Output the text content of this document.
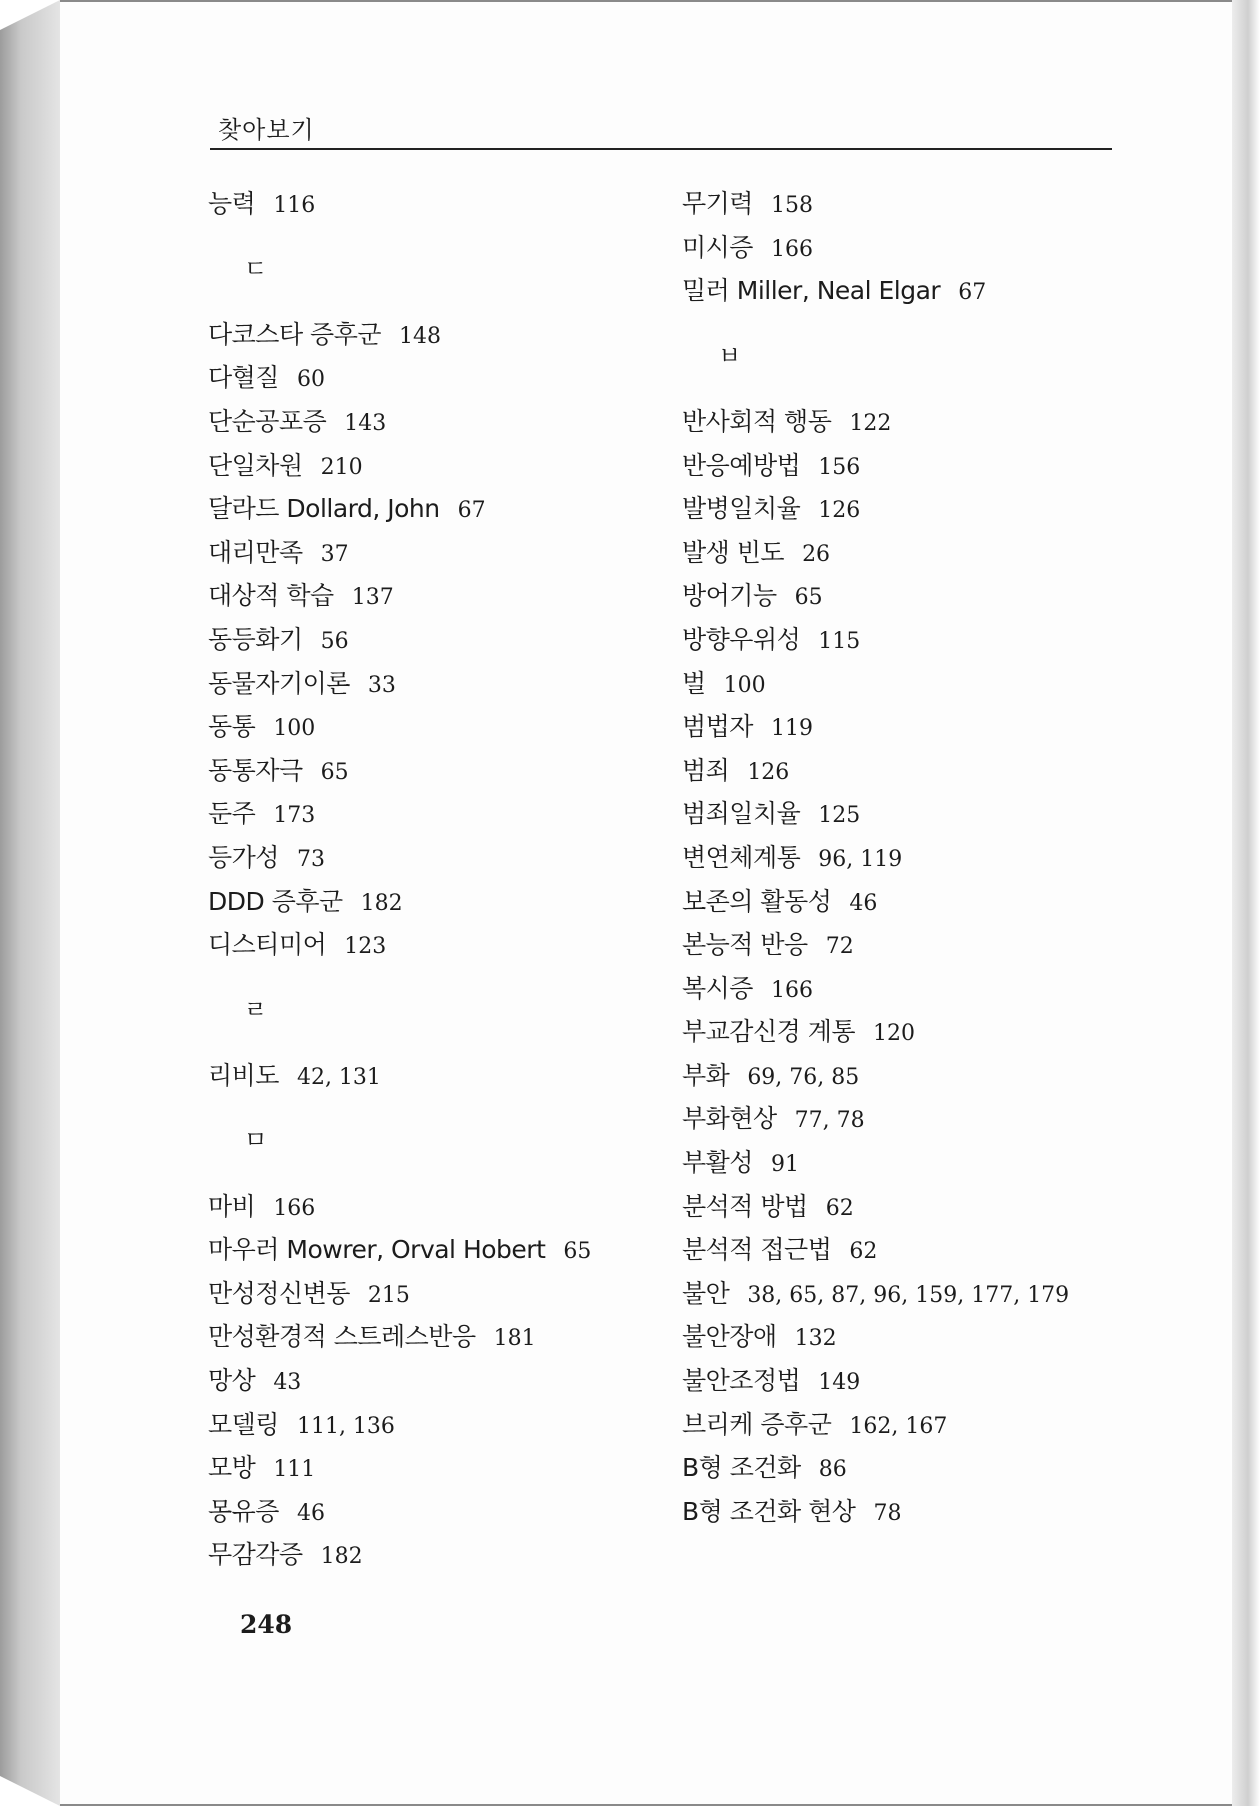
찾아보기
능력 116
ㄷ
다코스타 증후군 148
다혈질 60
단순공포증 143
단일차원 210
달라드 Dollard, John 67
대리만족 37
대상적 학습 137
동등화기 56
동물자기이론 33
동통 100
동통자극 65
둔주 173
등가성 73
DDD 증후군 182
디스티미어 123
ㄹ
리비도 42, 131
ㅁ
마비 166
마우러 Mowrer, Orval Hobert 65
만성정신변동 215
만성환경적 스트레스반응 181
망상 43
모델링 111, 136
모방 111
몽유증 46
무감각증 182
무기력 158
미시증 166
밀러 Miller, Neal Elgar 67
ㅂ
반사회적 행동 122
반응예방법 156
발병일치율 126
발생 빈도 26
방어기능 65
방향우위성 115
벌 100
범법자 119
범죄 126
범죄일치율 125
변연체계통 96, 119
보존의 활동성 46
본능적 반응 72
복시증 166
부교감신경 계통 120
부화 69, 76, 85
부화현상 77, 78
부활성 91
분석적 방법 62
분석적 접근법 62
불안 38, 65, 87, 96, 159, 177, 179
불안장애 132
불안조정법 149
브리케 증후군 162, 167
B형 조건화 86
B형 조건화 현상 78
248
